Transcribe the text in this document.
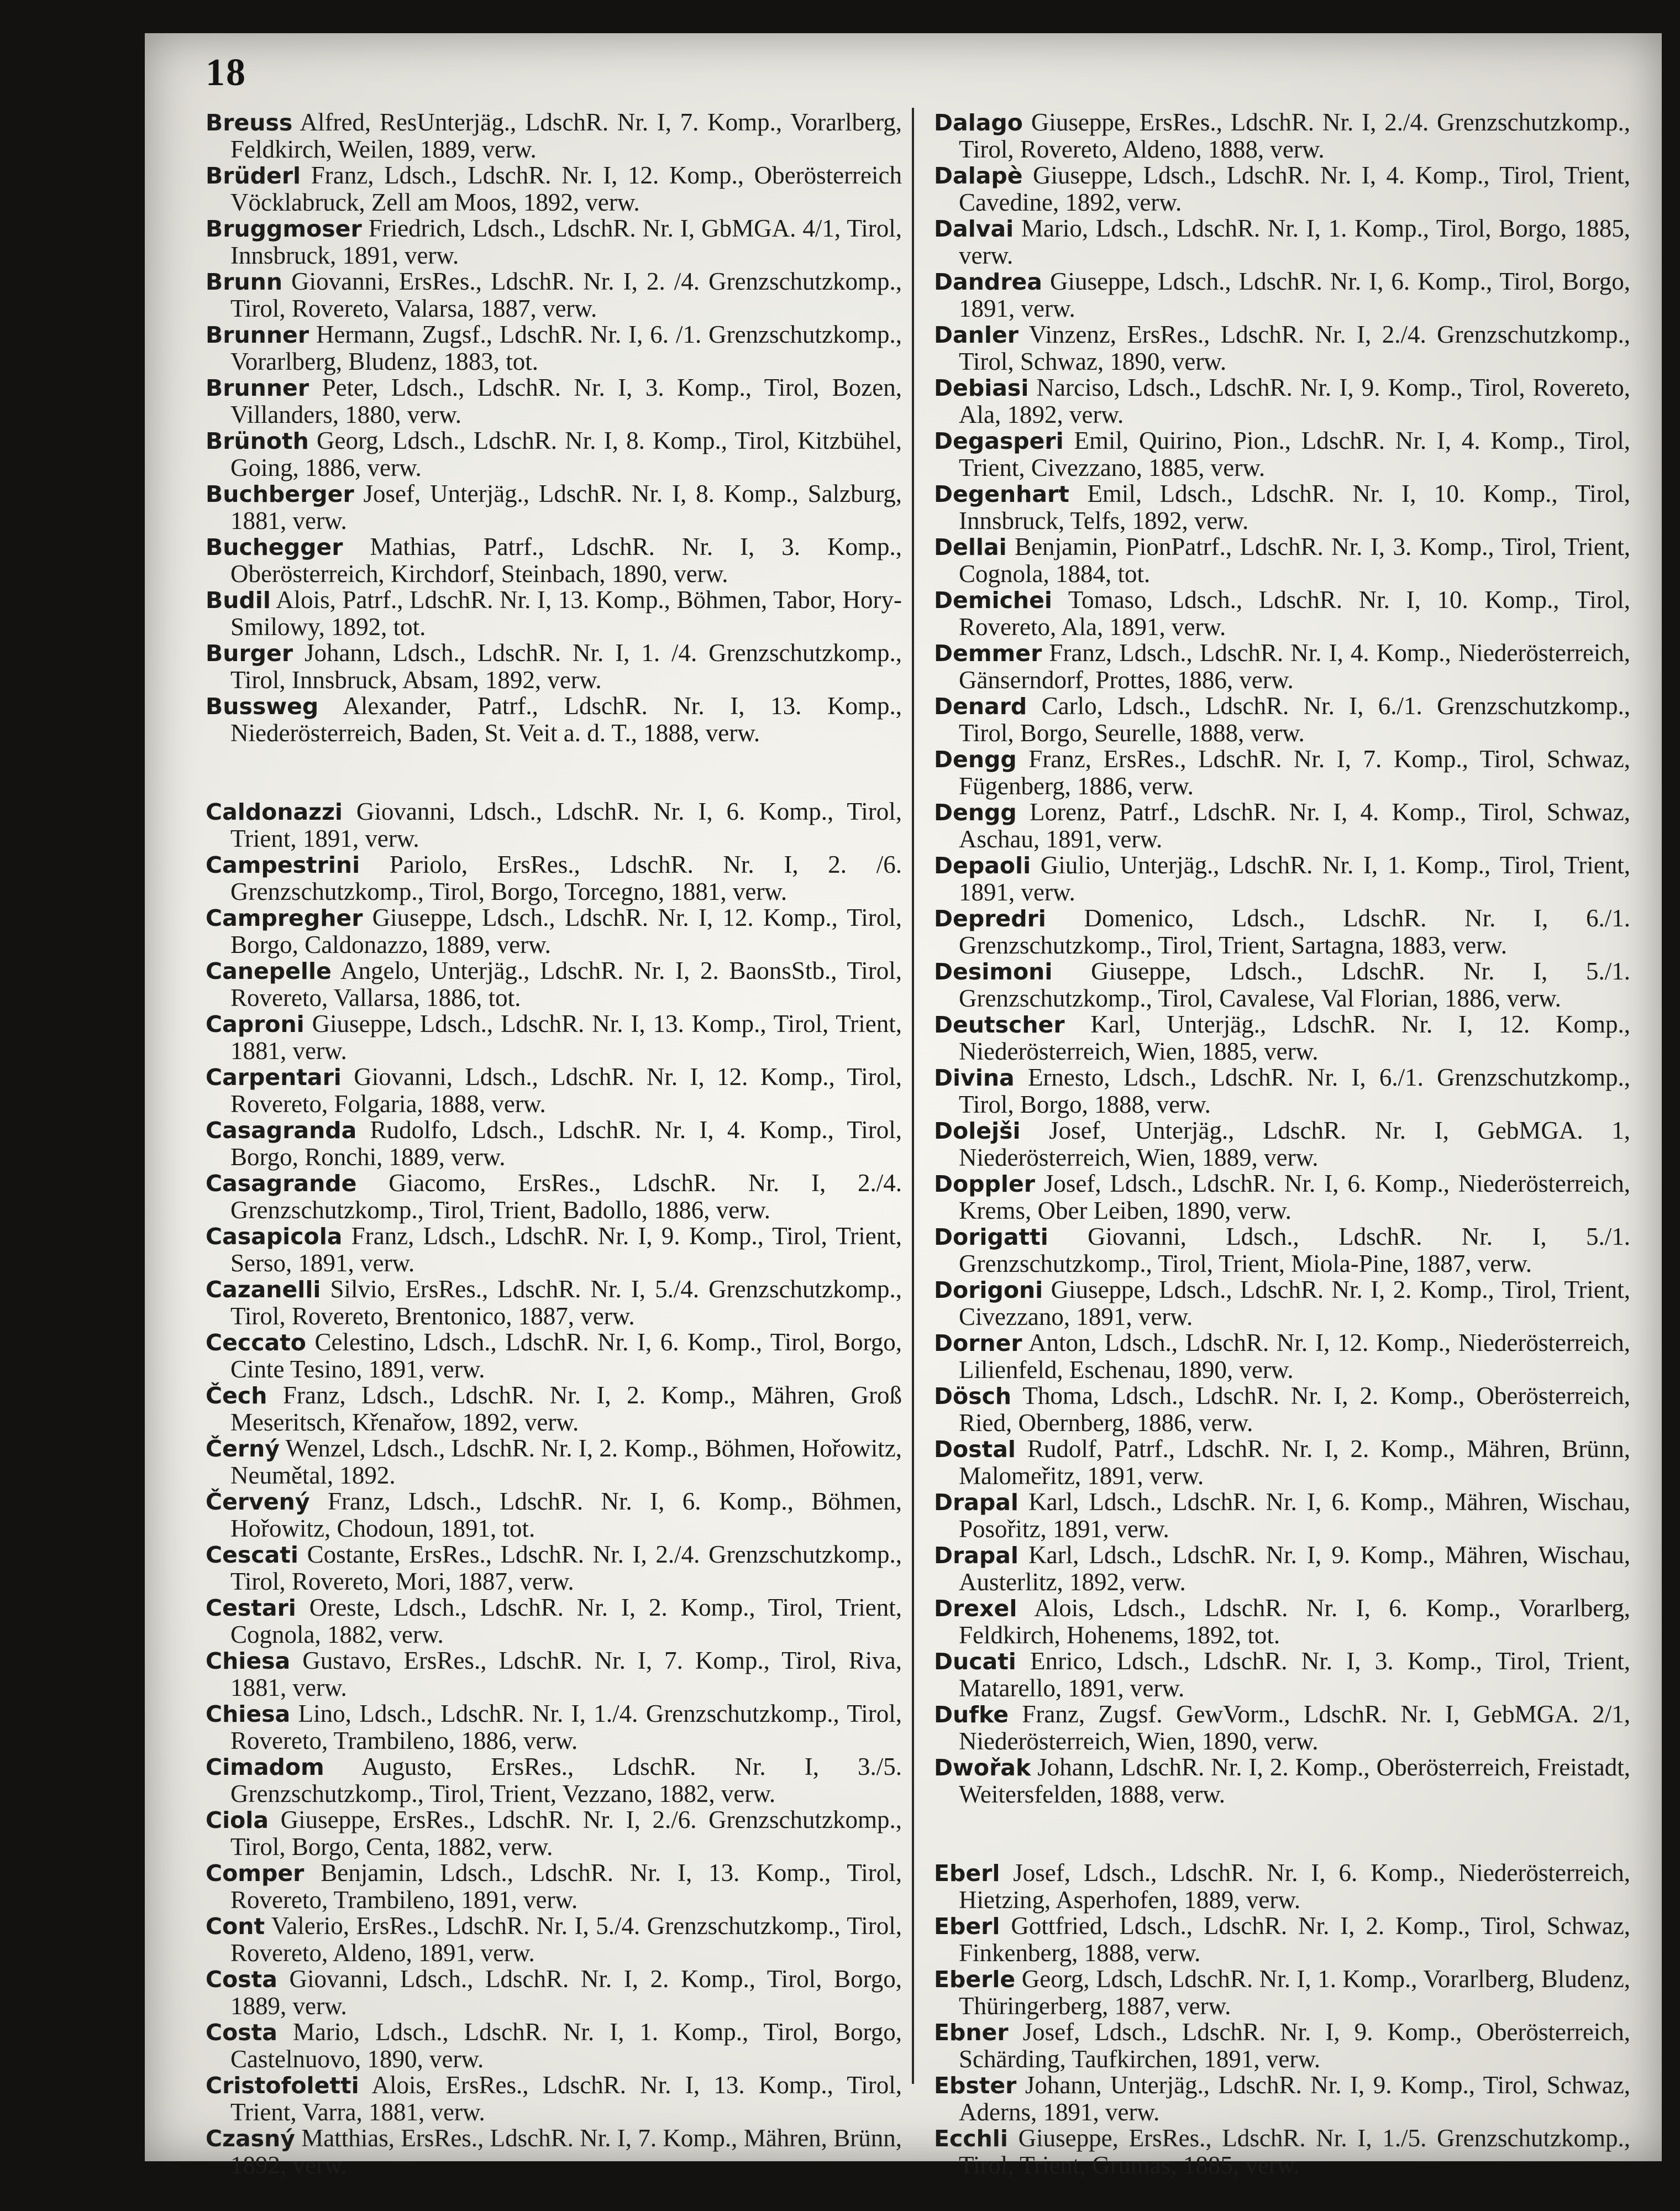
18
Breuss Alfred, ResUnterjäg., LdschR. Nr. I, 7. Komp., Vorarlberg, Feldkirch, Weilen, 1889, verw.
Brüderl Franz, Ldsch., LdschR. Nr. I, 12. Komp., Oberösterreich Vöcklabruck, Zell am Moos, 1892, verw.
Bruggmoser Friedrich, Ldsch., LdschR. Nr. I, GbMGA. 4/1, Tirol, Innsbruck, 1891, verw.
Brunn Giovanni, ErsRes., LdschR. Nr. I, 2. /4. Grenzschutzkomp., Tirol, Rovereto, Valarsa, 1887, verw.
Brunner Hermann, Zugsf., LdschR. Nr. I, 6. /1. Grenzschutzkomp., Vorarlberg, Bludenz, 1883, tot.
Brunner Peter, Ldsch., LdschR. Nr. I, 3. Komp., Tirol, Bozen, Villanders, 1880, verw.
Brünoth Georg, Ldsch., LdschR. Nr. I, 8. Komp., Tirol, Kitzbühel, Going, 1886, verw.
Buchberger Josef, Unterjäg., LdschR. Nr. I, 8. Komp., Salzburg, 1881, verw.
Buchegger Mathias, Patrf., LdschR. Nr. I, 3. Komp., Oberösterreich, Kirchdorf, Steinbach, 1890, verw.
Budil Alois, Patrf., LdschR. Nr. I, 13. Komp., Böhmen, Tabor, Hory-Smilowy, 1892, tot.
Burger Johann, Ldsch., LdschR. Nr. I, 1. /4. Grenzschutzkomp., Tirol, Innsbruck, Absam, 1892, verw.
Bussweg Alexander, Patrf., LdschR. Nr. I, 13. Komp., Niederösterreich, Baden, St. Veit a. d. T., 1888, verw.
Caldonazzi Giovanni, Ldsch., LdschR. Nr. I, 6. Komp., Tirol, Trient, 1891, verw.
Campestrini Pariolo, ErsRes., LdschR. Nr. I, 2. /6. Grenzschutzkomp., Tirol, Borgo, Torcegno, 1881, verw.
Campregher Giuseppe, Ldsch., LdschR. Nr. I, 12. Komp., Tirol, Borgo, Caldonazzo, 1889, verw.
Canepelle Angelo, Unterjäg., LdschR. Nr. I, 2. BaonsStb., Tirol, Rovereto, Vallarsa, 1886, tot.
Caproni Giuseppe, Ldsch., LdschR. Nr. I, 13. Komp., Tirol, Trient, 1881, verw.
Carpentari Giovanni, Ldsch., LdschR. Nr. I, 12. Komp., Tirol, Rovereto, Folgaria, 1888, verw.
Casagranda Rudolfo, Ldsch., LdschR. Nr. I, 4. Komp., Tirol, Borgo, Ronchi, 1889, verw.
Casagrande Giacomo, ErsRes., LdschR. Nr. I, 2./4. Grenzschutzkomp., Tirol, Trient, Badollo, 1886, verw.
Casapicola Franz, Ldsch., LdschR. Nr. I, 9. Komp., Tirol, Trient, Serso, 1891, verw.
Cazanelli Silvio, ErsRes., LdschR. Nr. I, 5./4. Grenzschutzkomp., Tirol, Rovereto, Brentonico, 1887, verw.
Ceccato Celestino, Ldsch., LdschR. Nr. I, 6. Komp., Tirol, Borgo, Cinte Tesino, 1891, verw.
Čech Franz, Ldsch., LdschR. Nr. I, 2. Komp., Mähren, Groß Meseritsch, Křenařow, 1892, verw.
Černý Wenzel, Ldsch., LdschR. Nr. I, 2. Komp., Böhmen, Hořowitz, Neumětal, 1892.
Červený Franz, Ldsch., LdschR. Nr. I, 6. Komp., Böhmen, Hořowitz, Chodoun, 1891, tot.
Cescati Costante, ErsRes., LdschR. Nr. I, 2./4. Grenzschutzkomp., Tirol, Rovereto, Mori, 1887, verw.
Cestari Oreste, Ldsch., LdschR. Nr. I, 2. Komp., Tirol, Trient, Cognola, 1882, verw.
Chiesa Gustavo, ErsRes., LdschR. Nr. I, 7. Komp., Tirol, Riva, 1881, verw.
Chiesa Lino, Ldsch., LdschR. Nr. I, 1./4. Grenzschutzkomp., Tirol, Rovereto, Trambileno, 1886, verw.
Cimadom Augusto, ErsRes., LdschR. Nr. I, 3./5. Grenzschutzkomp., Tirol, Trient, Vezzano, 1882, verw.
Ciola Giuseppe, ErsRes., LdschR. Nr. I, 2./6. Grenzschutzkomp., Tirol, Borgo, Centa, 1882, verw.
Comper Benjamin, Ldsch., LdschR. Nr. I, 13. Komp., Tirol, Rovereto, Trambileno, 1891, verw.
Cont Valerio, ErsRes., LdschR. Nr. I, 5./4. Grenzschutzkomp., Tirol, Rovereto, Aldeno, 1891, verw.
Costa Giovanni, Ldsch., LdschR. Nr. I, 2. Komp., Tirol, Borgo, 1889, verw.
Costa Mario, Ldsch., LdschR. Nr. I, 1. Komp., Tirol, Borgo, Castelnuovo, 1890, verw.
Cristofoletti Alois, ErsRes., LdschR. Nr. I, 13. Komp., Tirol, Trient, Varra, 1881, verw.
Czasný Matthias, ErsRes., LdschR. Nr. I, 7. Komp., Mähren, Brünn, 1892, verw.
Dalago Giuseppe, ErsRes., LdschR. Nr. I, 2./4. Grenzschutzkomp., Tirol, Rovereto, Aldeno, 1888, verw.
Dalapè Giuseppe, Ldsch., LdschR. Nr. I, 4. Komp., Tirol, Trient, Cavedine, 1892, verw.
Dalvai Mario, Ldsch., LdschR. Nr. I, 1. Komp., Tirol, Borgo, 1885, verw.
Dandrea Giuseppe, Ldsch., LdschR. Nr. I, 6. Komp., Tirol, Borgo, 1891, verw.
Danler Vinzenz, ErsRes., LdschR. Nr. I, 2./4. Grenzschutzkomp., Tirol, Schwaz, 1890, verw.
Debiasi Narciso, Ldsch., LdschR. Nr. I, 9. Komp., Tirol, Rovereto, Ala, 1892, verw.
Degasperi Emil, Quirino, Pion., LdschR. Nr. I, 4. Komp., Tirol, Trient, Civezzano, 1885, verw.
Degenhart Emil, Ldsch., LdschR. Nr. I, 10. Komp., Tirol, Innsbruck, Telfs, 1892, verw.
Dellai Benjamin, PionPatrf., LdschR. Nr. I, 3. Komp., Tirol, Trient, Cognola, 1884, tot.
Demichei Tomaso, Ldsch., LdschR. Nr. I, 10. Komp., Tirol, Rovereto, Ala, 1891, verw.
Demmer Franz, Ldsch., LdschR. Nr. I, 4. Komp., Niederösterreich, Gänserndorf, Prottes, 1886, verw.
Denard Carlo, Ldsch., LdschR. Nr. I, 6./1. Grenzschutzkomp., Tirol, Borgo, Seurelle, 1888, verw.
Dengg Franz, ErsRes., LdschR. Nr. I, 7. Komp., Tirol, Schwaz, Fügenberg, 1886, verw.
Dengg Lorenz, Patrf., LdschR. Nr. I, 4. Komp., Tirol, Schwaz, Aschau, 1891, verw.
Depaoli Giulio, Unterjäg., LdschR. Nr. I, 1. Komp., Tirol, Trient, 1891, verw.
Depredri Domenico, Ldsch., LdschR. Nr. I, 6./1. Grenzschutzkomp., Tirol, Trient, Sartagna, 1883, verw.
Desimoni Giuseppe, Ldsch., LdschR. Nr. I, 5./1. Grenzschutzkomp., Tirol, Cavalese, Val Florian, 1886, verw.
Deutscher Karl, Unterjäg., LdschR. Nr. I, 12. Komp., Niederösterreich, Wien, 1885, verw.
Divina Ernesto, Ldsch., LdschR. Nr. I, 6./1. Grenzschutzkomp., Tirol, Borgo, 1888, verw.
Dolejši Josef, Unterjäg., LdschR. Nr. I, GebMGA. 1, Niederösterreich, Wien, 1889, verw.
Doppler Josef, Ldsch., LdschR. Nr. I, 6. Komp., Niederösterreich, Krems, Ober Leiben, 1890, verw.
Dorigatti Giovanni, Ldsch., LdschR. Nr. I, 5./1. Grenzschutzkomp., Tirol, Trient, Miola-Pine, 1887, verw.
Dorigoni Giuseppe, Ldsch., LdschR. Nr. I, 2. Komp., Tirol, Trient, Civezzano, 1891, verw.
Dorner Anton, Ldsch., LdschR. Nr. I, 12. Komp., Niederösterreich, Lilienfeld, Eschenau, 1890, verw.
Dösch Thoma, Ldsch., LdschR. Nr. I, 2. Komp., Oberösterreich, Ried, Obernberg, 1886, verw.
Dostal Rudolf, Patrf., LdschR. Nr. I, 2. Komp., Mähren, Brünn, Malomeřitz, 1891, verw.
Drapal Karl, Ldsch., LdschR. Nr. I, 6. Komp., Mähren, Wischau, Posořitz, 1891, verw.
Drapal Karl, Ldsch., LdschR. Nr. I, 9. Komp., Mähren, Wischau, Austerlitz, 1892, verw.
Drexel Alois, Ldsch., LdschR. Nr. I, 6. Komp., Vorarlberg, Feldkirch, Hohenems, 1892, tot.
Ducati Enrico, Ldsch., LdschR. Nr. I, 3. Komp., Tirol, Trient, Matarello, 1891, verw.
Dufke Franz, Zugsf. GewVorm., LdschR. Nr. I, GebMGA. 2/1, Niederösterreich, Wien, 1890, verw.
Dwořak Johann, LdschR. Nr. I, 2. Komp., Oberösterreich, Freistadt, Weitersfelden, 1888, verw.
Eberl Josef, Ldsch., LdschR. Nr. I, 6. Komp., Niederösterreich, Hietzing, Asperhofen, 1889, verw.
Eberl Gottfried, Ldsch., LdschR. Nr. I, 2. Komp., Tirol, Schwaz, Finkenberg, 1888, verw.
Eberle Georg, Ldsch, LdschR. Nr. I, 1. Komp., Vorarlberg, Bludenz, Thüringerberg, 1887, verw.
Ebner Josef, Ldsch., LdschR. Nr. I, 9. Komp., Oberösterreich, Schärding, Taufkirchen, 1891, verw.
Ebster Johann, Unterjäg., LdschR. Nr. I, 9. Komp., Tirol, Schwaz, Aderns, 1891, verw.
Ecchli Giuseppe, ErsRes., LdschR. Nr. I, 1./5. Grenzschutzkomp., Tirol, Trient, Grumas, 1885, verw.
